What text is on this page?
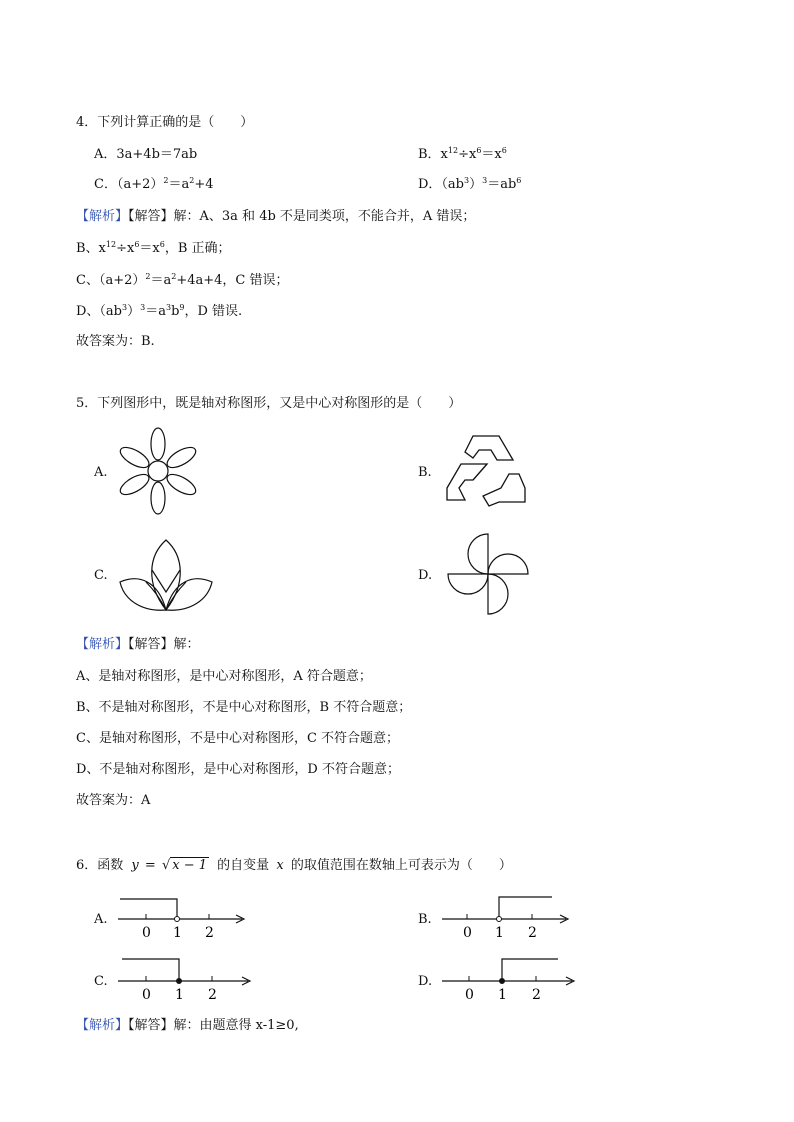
4．下列计算正确的是（　　）
A．3a+4b＝7ab	B．$x^{12}\div x^6=x^6$
C．$(a+2)^2=a^2+4$	D．$(ab^3)^3=ab^6$
【解析】【解答】解：A、3a 和 4b 不是同类项，不能合并，A 错误；
B、$x^{12}\div x^6=x^6$，B 正确；
C、$(a+2)^2=a^2+4a+4$，C 错误；
D、$(ab^3)^3=a^3b^9$，D 错误.
故答案为：B.
5．下列图形中，既是轴对称图形，又是中心对称图形的是（　　）
A.	B.
C.	D.
【解析】【解答】解：
A、是轴对称图形，是中心对称图形，A 符合题意；
B、不是轴对称图形，不是中心对称图形，B 不符合题意；
C、是轴对称图形，不是中心对称图形，C 不符合题意；
D、不是轴对称图形，是中心对称图形，D 不符合题意；
故答案为：A
6．函数 y = √ x − 1 的自变量 x 的取值范围在数轴上可表示为（　　）
A.	B.
C.	D.
0 1 2	0 1 2
0 1 2	0 1 2
【解析】【解答】解：由题意得 x-1≥0,
